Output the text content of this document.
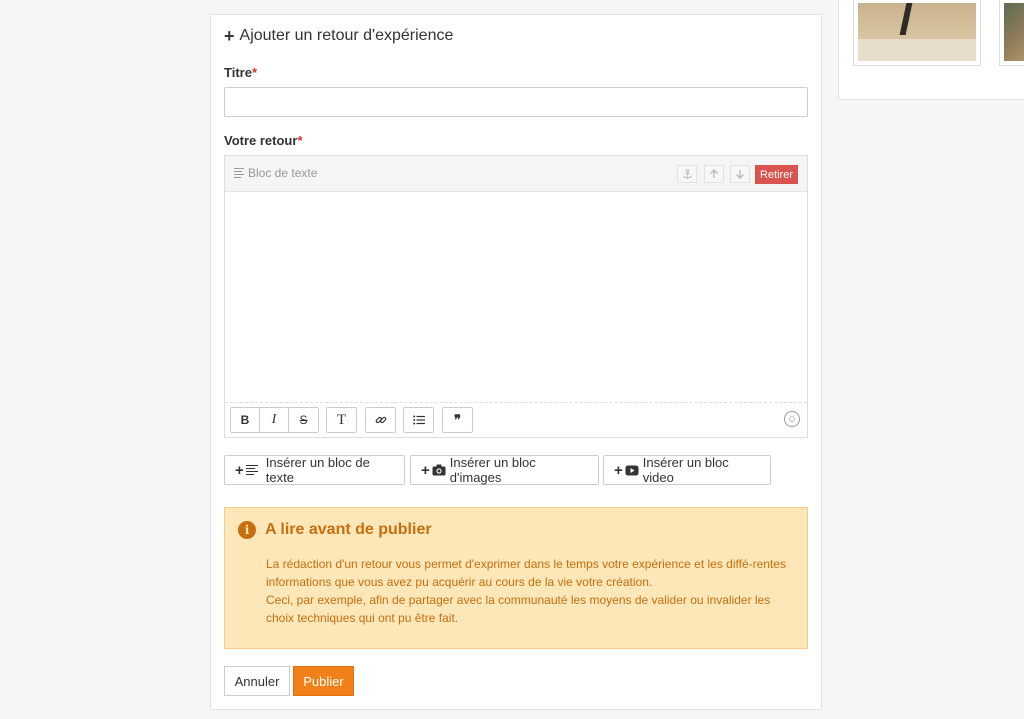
+ Ajouter un retour d'expérience
Titre*
Votre retour*
Bloc de texte	Retirer
B	I	S	T	❞	☺
+ Insérer un bloc de texte	+ Insérer un bloc d'images	+ Insérer un bloc video
i A lire avant de publier

La rédaction d'un retour vous permet d'exprimer dans le temps votre expérience et les diffé-rentes informations que vous avez pu acquérir au cours de la vie votre création.

Ceci, par exemple, afin de partager avec la communauté les moyens de valider ou invalider les choix techniques qui ont pu être fait.

Annuler	Publier
